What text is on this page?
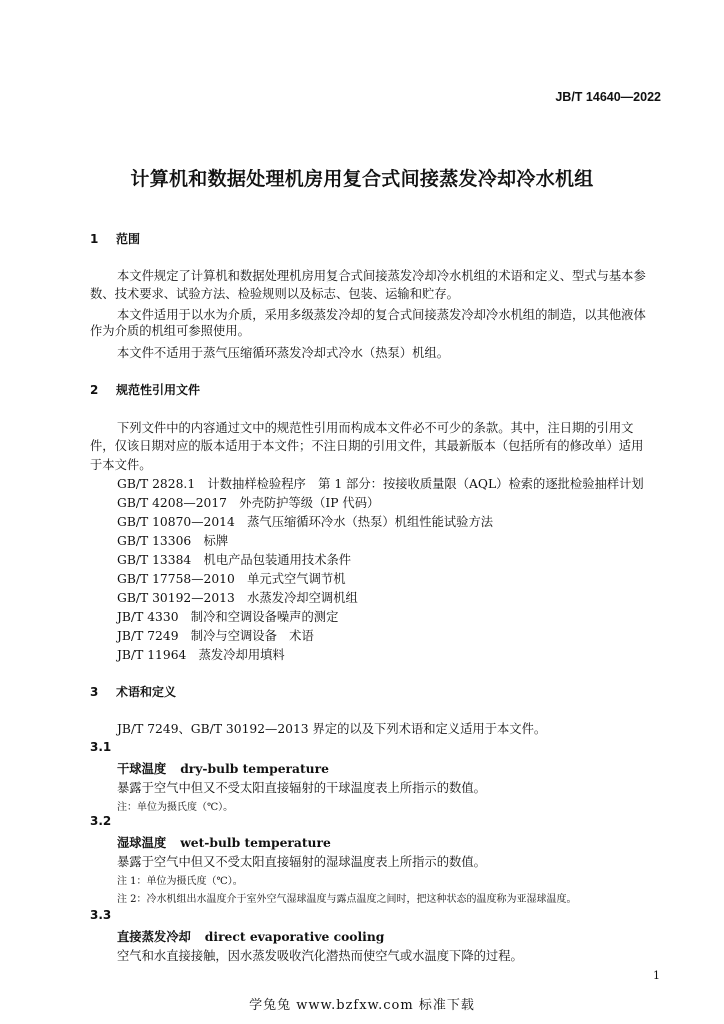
JB/T 14640—2022
计算机和数据处理机房用复合式间接蒸发冷却冷水机组
1 范围
本文件规定了计算机和数据处理机房用复合式间接蒸发冷却冷水机组的术语和定义、型式与基本参
数、技术要求、试验方法、检验规则以及标志、包装、运输和贮存。
本文件适用于以水为介质，采用多级蒸发冷却的复合式间接蒸发冷却冷水机组的制造，以其他液体
作为介质的机组可参照使用。
本文件不适用于蒸气压缩循环蒸发冷却式冷水（热泵）机组。
2 规范性引用文件
下列文件中的内容通过文中的规范性引用而构成本文件必不可少的条款。其中，注日期的引用文
件，仅该日期对应的版本适用于本文件；不注日期的引用文件，其最新版本（包括所有的修改单）适用
于本文件。
GB/T 2828.1　计数抽样检验程序　第 1 部分：按接收质量限（AQL）检索的逐批检验抽样计划
GB/T 4208—2017　外壳防护等级（IP 代码）
GB/T 10870—2014　蒸气压缩循环冷水（热泵）机组性能试验方法
GB/T 13306　标牌
GB/T 13384　机电产品包装通用技术条件
GB/T 17758—2010　单元式空气调节机
GB/T 30192—2013　水蒸发冷却空调机组
JB/T 4330　制冷和空调设备噪声的测定
JB/T 7249　制冷与空调设备　术语
JB/T 11964　蒸发冷却用填料
3 术语和定义
JB/T 7249、GB/T 30192—2013 界定的以及下列术语和定义适用于本文件。
3.1
干球温度 dry-bulb temperature
暴露于空气中但又不受太阳直接辐射的干球温度表上所指示的数值。
注：单位为摄氏度（℃）。
3.2
湿球温度 wet-bulb temperature
暴露于空气中但又不受太阳直接辐射的湿球温度表上所指示的数值。
注 1：单位为摄氏度（℃）。
注 2：冷水机组出水温度介于室外空气湿球温度与露点温度之间时，把这种状态的温度称为亚湿球温度。
3.3
直接蒸发冷却 direct evaporative cooling
空气和水直接接触，因水蒸发吸收汽化潜热而使空气或水温度下降的过程。
1
学兔兔 www.bzfxw.com 标准下载
